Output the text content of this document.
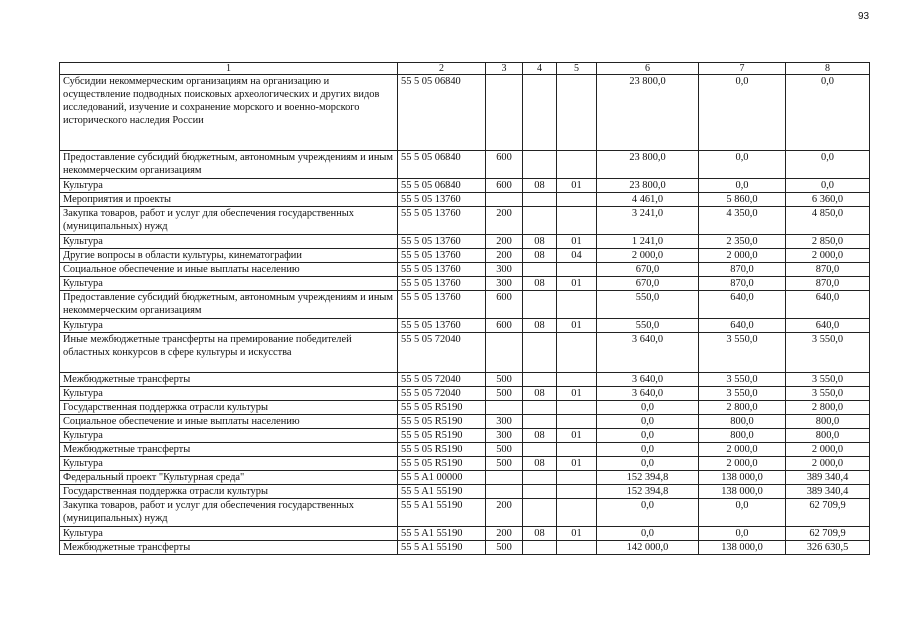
93
1	2	3	4	5	6	7	8
Субсидии некоммерческим организациям на организацию и осуществление подводных поисковых археологических и других видов исследований, изучение и сохранение морского и военно-морского исторического наследия России	55 5 05 06840				23 800,0	0,0	0,0
Предоставление субсидий бюджетным, автономным учреждениям и иным некоммерческим организациям	55 5 05 06840	600			23 800,0	0,0	0,0
Культура	55 5 05 06840	600	08	01	23 800,0	0,0	0,0
Мероприятия и проекты	55 5 05 13760				4 461,0	5 860,0	6 360,0
Закупка товаров, работ и услуг для обеспечения государственных (муниципальных) нужд	55 5 05 13760	200			3 241,0	4 350,0	4 850,0
Культура	55 5 05 13760	200	08	01	1 241,0	2 350,0	2 850,0
Другие вопросы в области культуры, кинематографии	55 5 05 13760	200	08	04	2 000,0	2 000,0	2 000,0
Социальное обеспечение и иные выплаты населению	55 5 05 13760	300			670,0	870,0	870,0
Культура	55 5 05 13760	300	08	01	670,0	870,0	870,0
Предоставление субсидий бюджетным, автономным учреждениям и иным некоммерческим организациям	55 5 05 13760	600			550,0	640,0	640,0
Культура	55 5 05 13760	600	08	01	550,0	640,0	640,0
Иные межбюджетные трансферты на премирование победителей областных конкурсов в сфере культуры и искусства	55 5 05 72040				3 640,0	3 550,0	3 550,0
Межбюджетные трансферты	55 5 05 72040	500			3 640,0	3 550,0	3 550,0
Культура	55 5 05 72040	500	08	01	3 640,0	3 550,0	3 550,0
Государственная поддержка отрасли культуры	55 5 05 R5190				0,0	2 800,0	2 800,0
Социальное обеспечение и иные выплаты населению	55 5 05 R5190	300			0,0	800,0	800,0
Культура	55 5 05 R5190	300	08	01	0,0	800,0	800,0
Межбюджетные трансферты	55 5 05 R5190	500			0,0	2 000,0	2 000,0
Культура	55 5 05 R5190	500	08	01	0,0	2 000,0	2 000,0
Федеральный проект "Культурная среда"	55 5 A1 00000				152 394,8	138 000,0	389 340,4
Государственная поддержка отрасли культуры	55 5 A1 55190				152 394,8	138 000,0	389 340,4
Закупка товаров, работ и услуг для обеспечения государственных (муниципальных) нужд	55 5 A1 55190	200			0,0	0,0	62 709,9
Культура	55 5 A1 55190	200	08	01	0,0	0,0	62 709,9
Межбюджетные трансферты	55 5 A1 55190	500			142 000,0	138 000,0	326 630,5
